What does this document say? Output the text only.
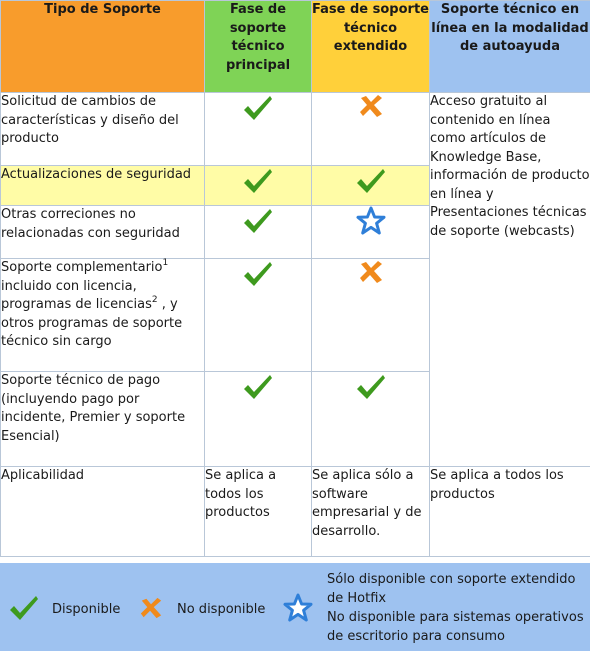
Tipo de Soporte	Fase de soporte técnico principal	Fase de soporte técnico extendido	Soporte técnico en línea en la modalidad de autoayuda
Solicitud de cambios de características y diseño del producto			Acceso gratuito al contenido en línea como artículos de Knowledge Base, información de producto en línea y Presentaciones técnicas de soporte (webcasts)
Actualizaciones de seguridad		
Otras correciones no relacionadas con seguridad		
Soporte complementario$^1$ incluido con licencia, programas de licencias$^2$ , y otros programas de soporte técnico sin cargo		
Soporte técnico de pago (incluyendo pago por incidente, Premier y soporte Esencial)		
Aplicabilidad	Se aplica a todos los productos	Se aplica sólo a software empresarial y de desarrollo.	Se aplica a todos los productos
Disponible	No disponible
Sólo disponible con soporte extendido de Hotfix
No disponible para sistemas operativos de escritorio para consumo
